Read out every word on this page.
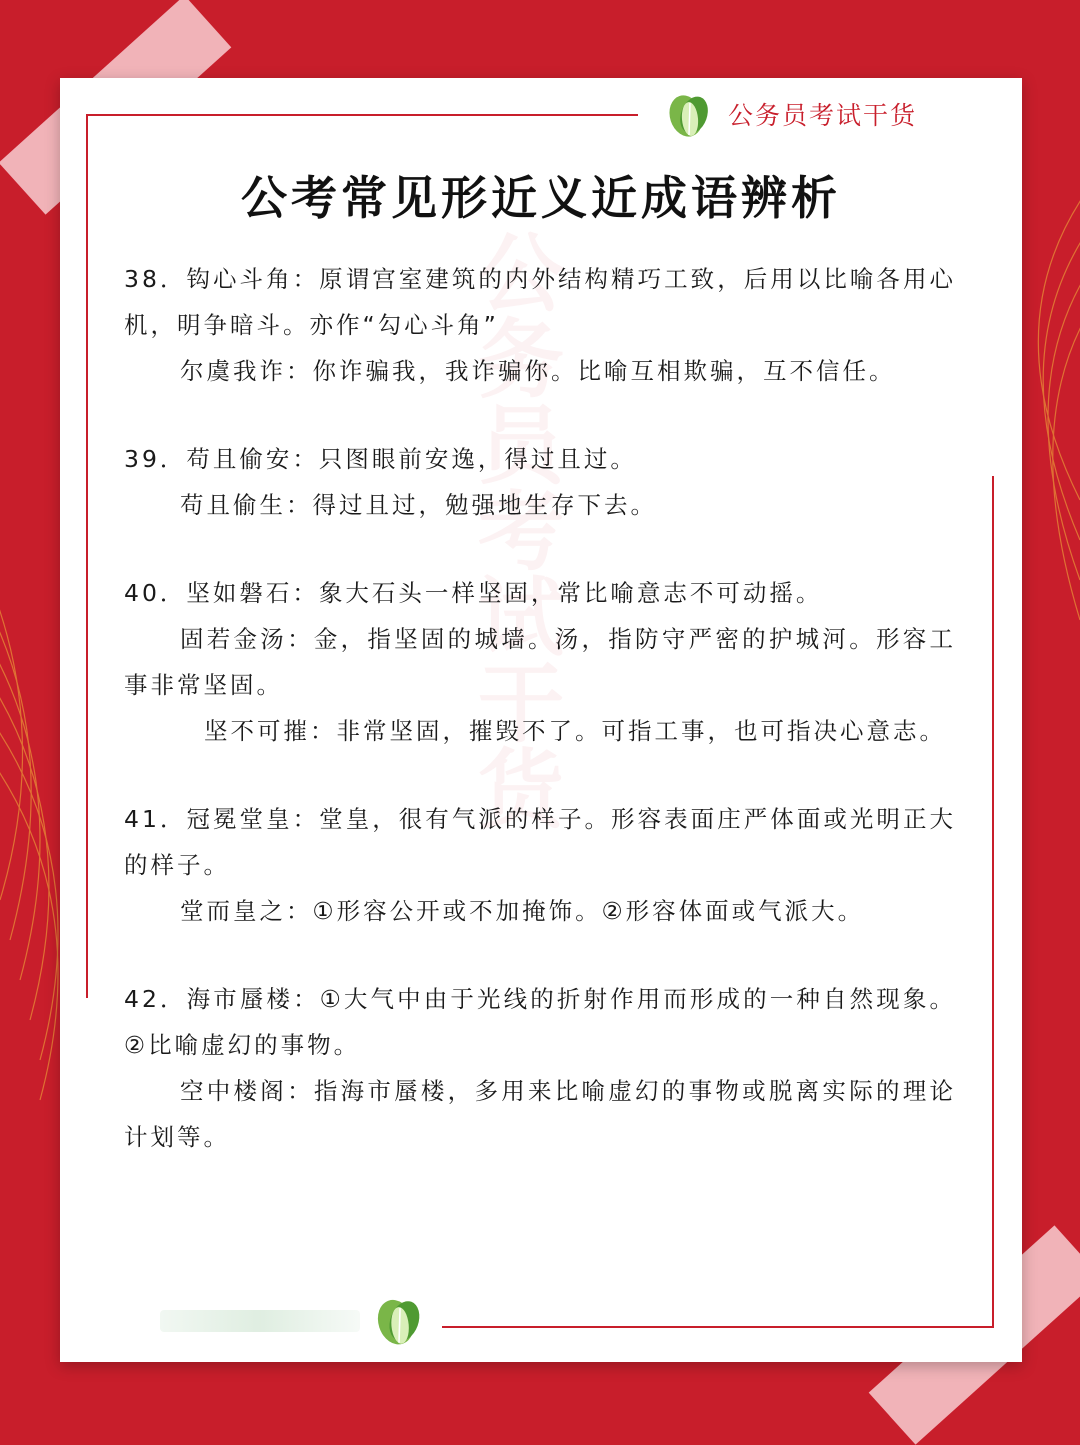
公务员考试干货
公考常见形近义近成语辨析
公务员考试干货

38．钩心斗角：原谓宫室建筑的内外结构精巧工致，后用以比喻各用心机，明争暗斗。亦作“勾心斗角”

尔虞我诈：你诈骗我，我诈骗你。比喻互相欺骗，互不信任。

39．苟且偷安：只图眼前安逸，得过且过。

苟且偷生：得过且过，勉强地生存下去。

40．坚如磐石：象大石头一样坚固，常比喻意志不可动摇。

固若金汤：金，指坚固的城墙。汤，指防守严密的护城河。形容工事非常坚固。

坚不可摧：非常坚固，摧毁不了。可指工事，也可指决心意志。

41．冠冕堂皇：堂皇，很有气派的样子。形容表面庄严体面或光明正大的样子。

堂而皇之：①形容公开或不加掩饰。②形容体面或气派大。

42．海市蜃楼：①大气中由于光线的折射作用而形成的一种自然现象。②比喻虚幻的事物。

空中楼阁：指海市蜃楼，多用来比喻虚幻的事物或脱离实际的理论计划等。
